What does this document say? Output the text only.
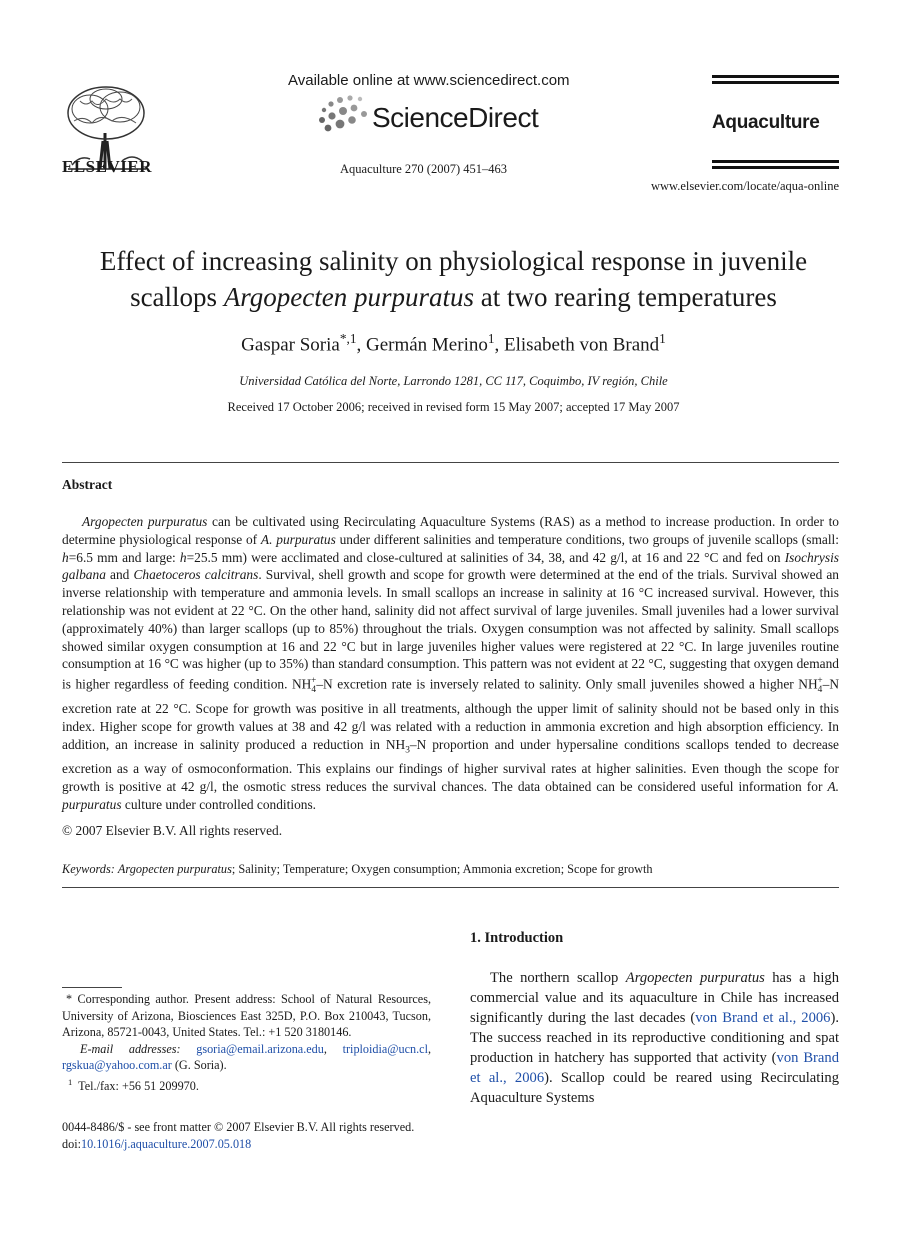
ELSEVIER
Available online at www.sciencedirect.com
ScienceDirect
Aquaculture 270 (2007) 451–463
Aquaculture
www.elsevier.com/locate/aqua-online
Effect of increasing salinity on physiological response in juvenile
scallops Argopecten purpuratus at two rearing temperatures
Gaspar Soria$^{*,1}$, Germán Merino$^1$, Elisabeth von Brand$^1$
Universidad Católica del Norte, Larrondo 1281, CC 117, Coquimbo, IV región, Chile
Received 17 October 2006; received in revised form 15 May 2007; accepted 17 May 2007
Abstract

Argopecten purpuratus can be cultivated using Recirculating Aquaculture Systems (RAS) as a method to increase production. In order to determine physiological response of A. purpuratus under different salinities and temperature conditions, two groups of juvenile scallops (small: h=6.5 mm and large: h=25.5 mm) were acclimated and close-cultured at salinities of 34, 38, and 42 g/l, at 16 and 22 °C and fed on Isochrysis galbana and Chaetoceros calcitrans. Survival, shell growth and scope for growth were determined at the end of the trials. Survival showed an inverse relationship with temperature and ammonia levels. In small scallops an increase in salinity at 16 °C increased survival. However, this relationship was not evident at 22 °C. On the other hand, salinity did not affect survival of large juveniles. Small juveniles had a lower survival (approximately 40%) than larger scallops (up to 85%) throughout the trials. Oxygen consumption was not affected by salinity. Small scallops showed similar oxygen consumption at 16 and 22 °C but in large juveniles higher values were registered at 22 °C. In large juveniles routine consumption at 16 °C was higher (up to 35%) than standard consumption. This pattern was not evident at 22 °C, suggesting that oxygen demand is higher regardless of feeding condition. $NH_4^+-N$ excretion rate is inversely related to salinity. Only small juveniles showed a higher $NH_4^+-N$ excretion rate at 22 °C. Scope for growth was positive in all treatments, although the upper limit of salinity should not be based only in this index. Higher scope for growth values at 38 and 42 g/l was related with a reduction in ammonia excretion and high absorption efficiency. In addition, an increase in salinity produced a reduction in $NH_3-N$ proportion and under hypersaline conditions scallops tended to decrease excretion as a way of osmoconformation. This explains our findings of higher survival rates at higher salinities. Even though the scope for growth is positive at 42 g/l, the osmotic stress reduces the survival chances. The data obtained can be considered useful information for A. purpuratus culture under controlled conditions.

© 2007 Elsevier B.V. All rights reserved.
Keywords: Argopecten purpuratus; Salinity; Temperature; Oxygen consumption; Ammonia excretion; Scope for growth
1. Introduction

The northern scallop Argopecten purpuratus has a high commercial value and its aquaculture in Chile has increased significantly during the last decades (von Brand et al., 2006). The success reached in its reproductive conditioning and spat production in hatchery has supported that activity (von Brand et al., 2006). Scallop could be reared using Recirculating Aquaculture Systems

* Corresponding author. Present address: School of Natural Resources, University of Arizona, Biosciences East 325D, P.O. Box 210043, Tucson, Arizona, 85721-0043, United States. Tel.: +1 520 3180146.

E-mail addresses: gsoria@email.arizona.edu, triploidia@ucn.cl, rgskua@yahoo.com.ar (G. Soria).

$^1$ Tel./fax: +56 51 209970.

0044-8486/$ - see front matter © 2007 Elsevier B.V. All rights reserved.
doi:10.1016/j.aquaculture.2007.05.018
